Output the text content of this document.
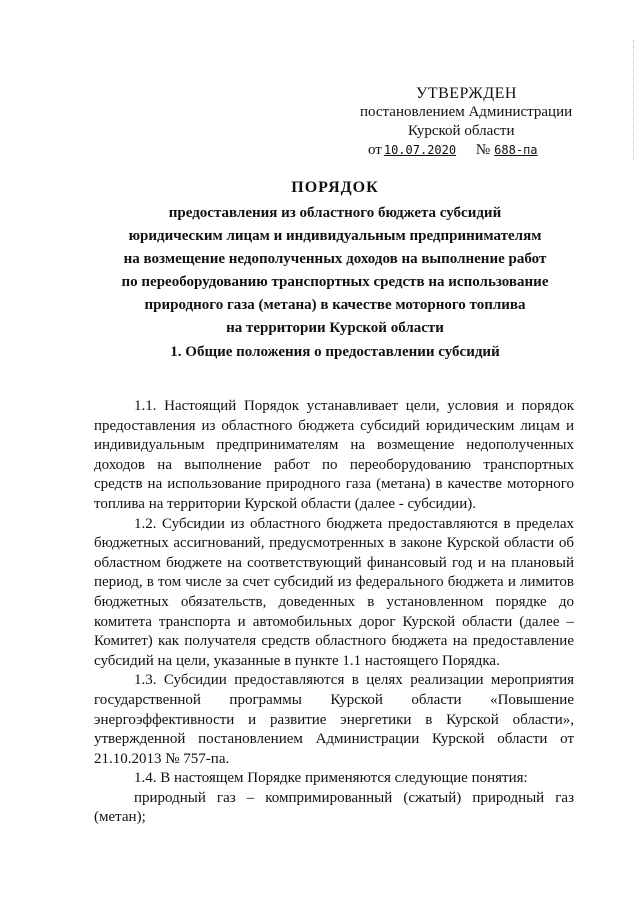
УТВЕРЖДЕН
постановлением Администрации
Курской области
от 10.07.2020 № 688-па
ПОРЯДОК
предоставления из областного бюджета субсидий
юридическим лицам и индивидуальным предпринимателям
на возмещение недополученных доходов на выполнение работ
по переоборудованию транспортных средств на использование
природного газа (метана) в качестве моторного топлива
на территории Курской области
1. Общие положения о предоставлении субсидий

1.1. Настоящий Порядок устанавливает цели, условия и порядок предоставления из областного бюджета субсидий юридическим лицам и индивидуальным предпринимателям на возмещение недополученных доходов на выполнение работ по переоборудованию транспортных средств на использование природного газа (метана) в качестве моторного топлива на территории Курской области (далее - субсидии).

1.2. Субсидии из областного бюджета предоставляются в пределах бюджетных ассигнований, предусмотренных в законе Курской области об областном бюджете на соответствующий финансовый год и на плановый период, в том числе за счет субсидий из федерального бюджета и лимитов бюджетных обязательств, доведенных в установленном порядке до комитета транспорта и автомобильных дорог Курской области (далее – Комитет) как получателя средств областного бюджета на предоставление субсидий на цели, указанные в пункте 1.1 настоящего Порядка.

1.3. Субсидии предоставляются в целях реализации мероприятия государственной программы Курской области «Повышение энергоэффективности и развитие энергетики в Курской области», утвержденной постановлением Администрации Курской области от 21.10.2013 № 757-па.

1.4. В настоящем Порядке применяются следующие понятия:

природный газ – компримированный (сжатый) природный газ (метан);
